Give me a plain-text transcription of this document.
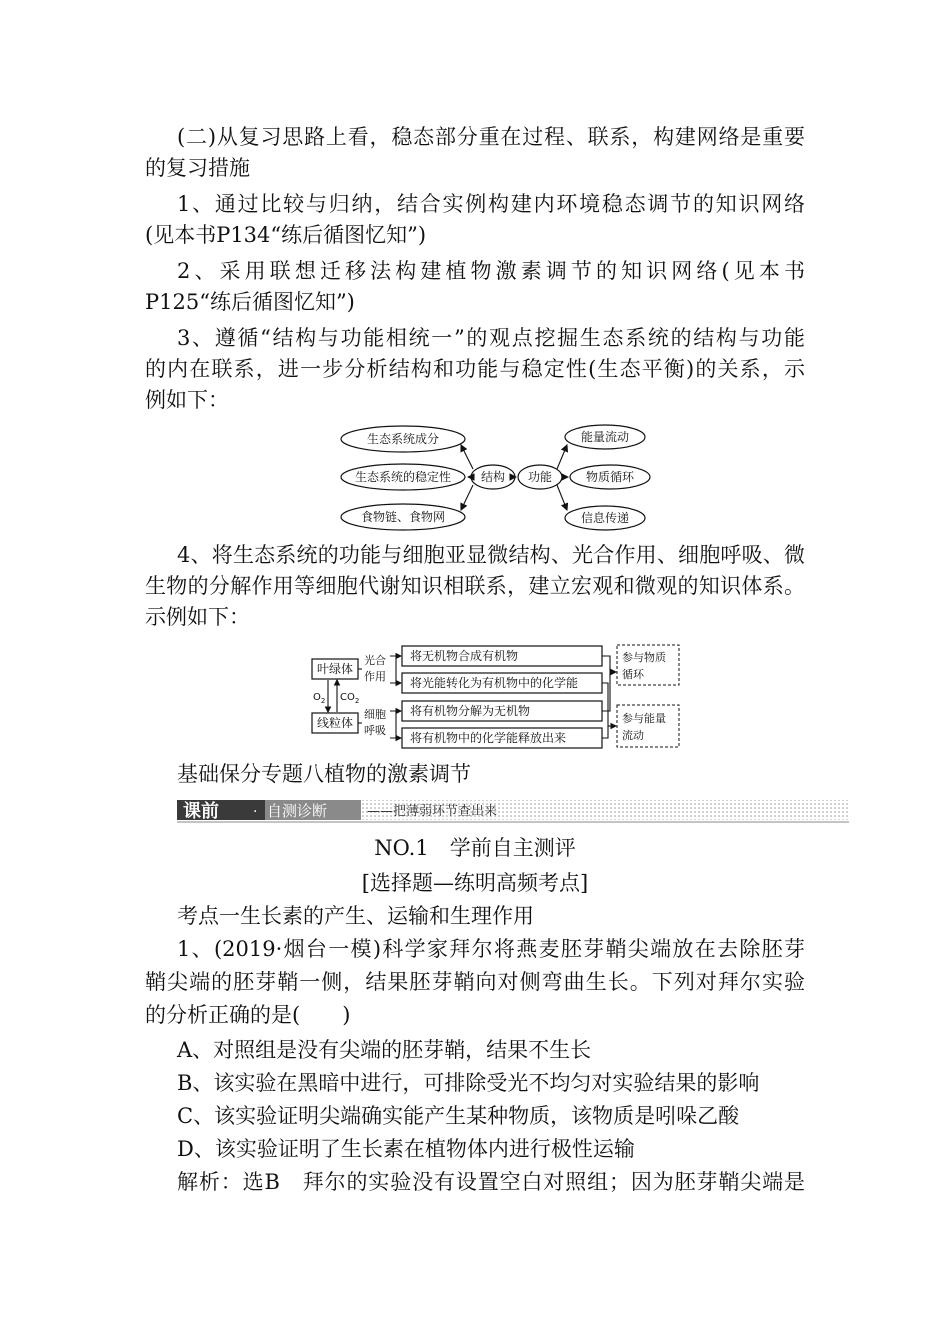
(二)从复习思路上看，稳态部分重在过程、联系，构建网络是重要
的复习措施
1、通过比较与归纳，结合实例构建内环境稳态调节的知识网络
(见本书P134“练后循图忆知”)
2、采用联想迁移法构建植物激素调节的知识网络(见本书
P125“练后循图忆知”)
3、遵循“结构与功能相统一”的观点挖掘生态系统的结构与功能
的内在联系，进一步分析结构和功能与稳定性(生态平衡)的关系，示
例如下：
生态系统成分
生态系统的稳定性
食物链、食物网
结构 功能
能量流动
物质循环
信息传递
4、将生态系统的功能与细胞亚显微结构、光合作用、细胞呼吸、微
生物的分解作用等细胞代谢知识相联系，建立宏观和微观的知识体系。
示例如下：
叶绿体
线粒体
光合
作用
细胞
呼吸
$O_2$ $CO_2$
将无机物合成有机物
将光能转化为有机物中的化学能
将有机物分解为无机物
将有机物中的化学能释放出来
参与物质
循环
参与能量
流动
基础保分专题八植物的激素调节
课前 · 自测诊断	——把薄弱环节查出来
NO.1　学前自主测评
[选择题—练明高频考点]
考点一生长素的产生、运输和生理作用
1、(2019·烟台一模)科学家拜尔将燕麦胚芽鞘尖端放在去除胚芽
鞘尖端的胚芽鞘一侧，结果胚芽鞘向对侧弯曲生长。下列对拜尔实验
的分析正确的是(　　)
A、对照组是没有尖端的胚芽鞘，结果不生长
B、该实验在黑暗中进行，可排除受光不均匀对实验结果的影响
C、该实验证明尖端确实能产生某种物质，该物质是吲哚乙酸
D、该实验证明了生长素在植物体内进行极性运输
解析：选B　拜尔的实验没有设置空白对照组；因为胚芽鞘尖端是
